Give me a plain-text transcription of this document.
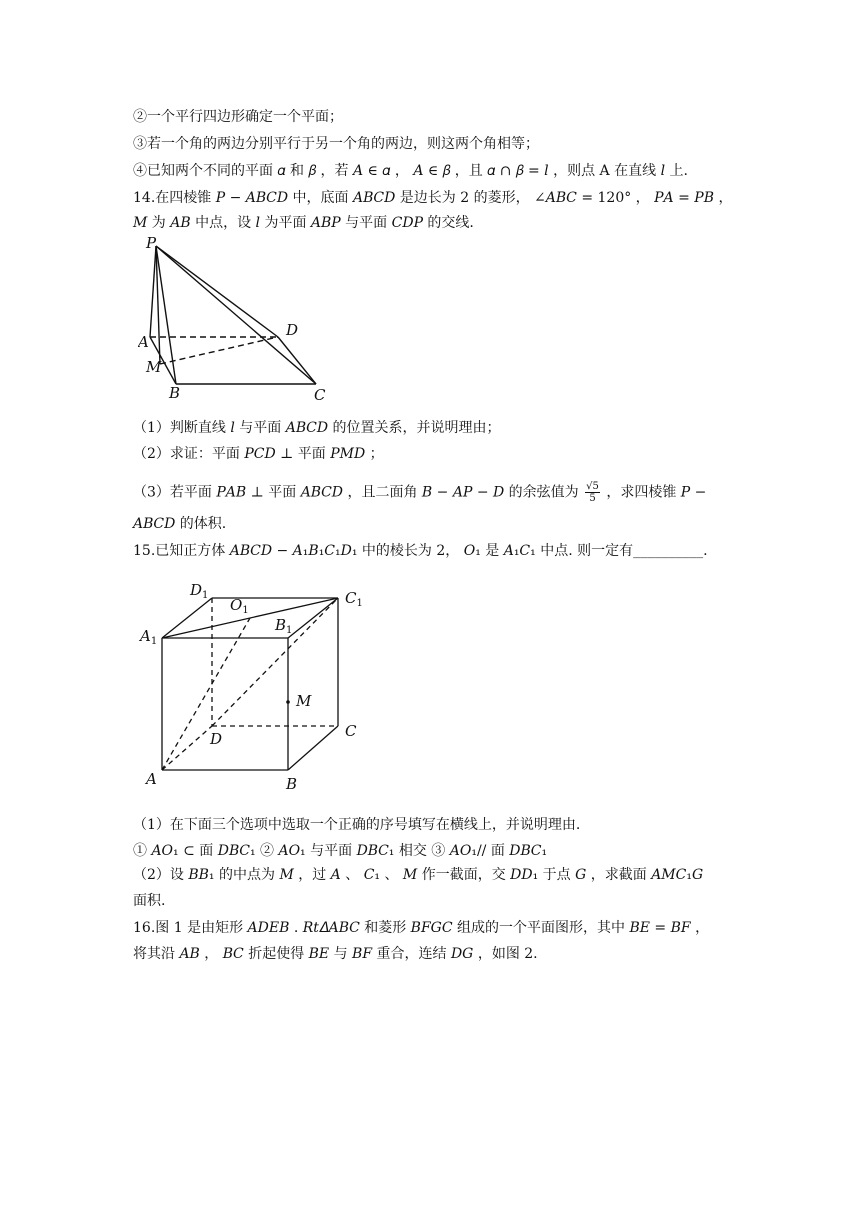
②一个平行四边形确定一个平面；
③若一个角的两边分别平行于另一个角的两边，则这两个角相等；
④已知两个不同的平面 𝛼 和 𝛽 ，若 𝐴 ∈ 𝛼 ， 𝐴 ∈ 𝛽 ，且 𝛼 ∩ 𝛽 = 𝑙 ，则点 A 在直线 𝑙 上.
14.在四棱锥 𝑃 − 𝐴𝐵𝐶𝐷 中，底面 𝐴𝐵𝐶𝐷 是边长为 2 的菱形， ∠𝐴𝐵𝐶 = 120° ， 𝑃𝐴 = 𝑃𝐵 ，
𝑀 为 𝐴𝐵 中点，设 𝑙 为平面 𝐴𝐵𝑃 与平面 𝐶𝐷𝑃 的交线.
P
A
M
B	C
D
（1）判断直线 𝑙 与平面 𝐴𝐵𝐶𝐷 的位置关系，并说明理由；
（2）求证：平面 𝑃𝐶𝐷 ⊥ 平面 𝑃𝑀𝐷 ；
（3）若平面 𝑃𝐴𝐵 ⊥ 平面 𝐴𝐵𝐶𝐷 ，且二面角 𝐵 − 𝐴𝑃 − 𝐷 的余弦值为 $\frac{√5}{5}$ ，求四棱锥 𝑃 −
𝐴𝐵𝐶𝐷 的体积.
15.已知正方体 𝐴𝐵𝐶𝐷 − 𝐴₁𝐵₁𝐶₁𝐷₁ 中的棱长为 2， 𝑂₁ 是 𝐴₁𝐶₁ 中点. 则一定有__________.
$D_1$
$O_1$
$C_1$
$A_1$
$B_1$
M
D	C
A	B
（1）在下面三个选项中选取一个正确的序号填写在横线上，并说明理由.
① 𝐴𝑂₁ ⊂ 面 𝐷𝐵𝐶₁ ② 𝐴𝑂₁ 与平面 𝐷𝐵𝐶₁ 相交 ③ 𝐴𝑂₁// 面 𝐷𝐵𝐶₁
（2）设 𝐵𝐵₁ 的中点为 𝑀 ，过 𝐴 、 𝐶₁ 、 𝑀 作一截面，交 𝐷𝐷₁ 于点 𝐺 ，求截面 𝐴𝑀𝐶₁𝐺
面积.
16.图 1 是由矩形 𝐴𝐷𝐸𝐵 . 𝑅𝑡𝛥𝐴𝐵𝐶 和菱形 𝐵𝐹𝐺𝐶 组成的一个平面图形，其中 𝐵𝐸 = 𝐵𝐹 ，
将其沿 𝐴𝐵 ， 𝐵𝐶 折起使得 𝐵𝐸 与 𝐵𝐹 重合，连结 𝐷𝐺 ，如图 2.
